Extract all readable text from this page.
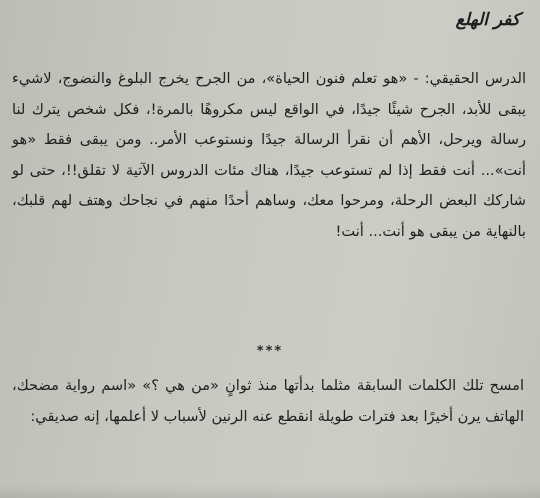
كفر الهلع

الدرس الحقيقي: - «هو تعلم فنون الحياة»، من الجرح يخرج البلوغ والنضوج، لاشيء يبقى للأبد، الجرح شيئًا جيدًا، في الواقع ليس مكروهًا بالمرة!، فكل شخص يترك لنا رسالة ويرحل، الأهم أن نقرأ الرسالة جيدًا ونستوعب الأمر.. ومن يبقى فقط «هو أنت»... أنت فقط إذا لم تستوعب جيدًا، هناك مئات الدروس الآتية لا تقلق!!، حتى لو شاركك البعض الرحلة، ومرحوا معك، وساهم أحدًا منهم في نجاحك وهتف لهم قلبك، بالنهاية من يبقى هو أنت... أنت!

***

امسح تلك الكلمات السابقة مثلما بدأتها منذ ثوانٍ «من هي ؟» «اسم رواية مضحك، الهاتف يرن أخيرًا بعد فترات طويلة انقطع عنه الرنين لأسباب لا أعلمها، إنه صديقي:
